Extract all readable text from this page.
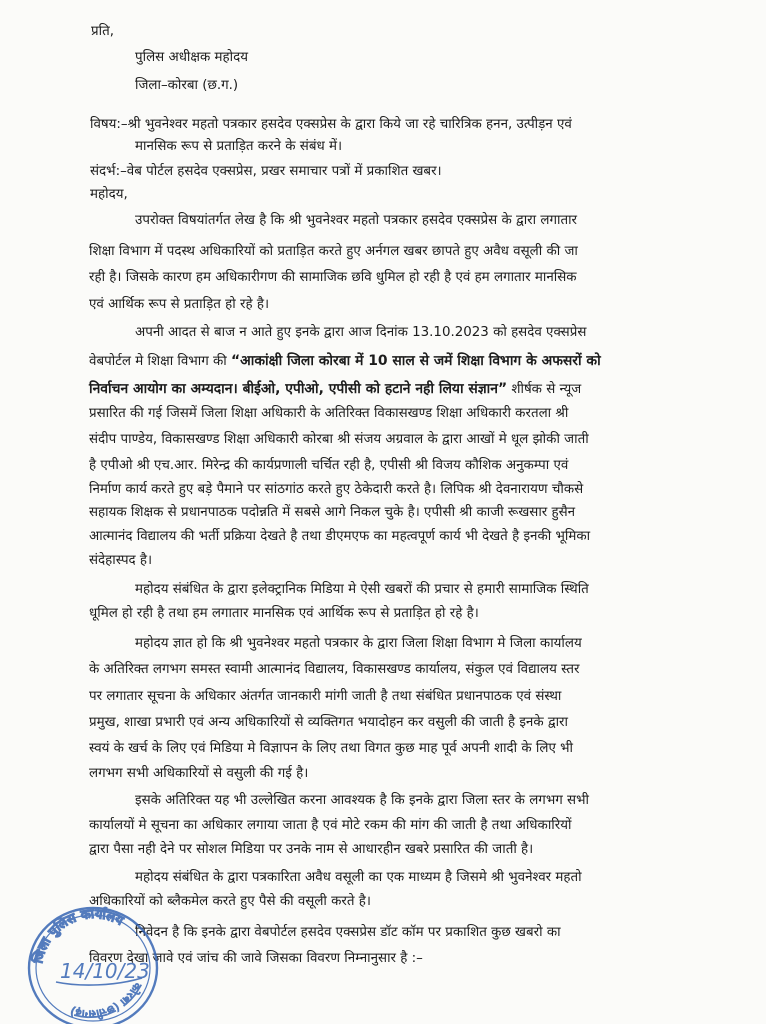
प्रति,
पुलिस अधीक्षक महोदय
जिला–कोरबा (छ.ग.)
विषय:–श्री भुवनेश्वर महतो पत्रकार हसदेव एक्सप्रेस के द्वारा किये जा रहे चारित्रिक हनन, उत्पीड़न एवं
मानसिक रूप से प्रताड़ित करने के संबंध में।
संदर्भ:–वेब पोर्टल हसदेव एक्सप्रेस, प्रखर समाचार पत्रों में प्रकाशित खबर।
महोदय,
उपरोक्त विषयांतर्गत लेख है कि श्री भुवनेश्वर महतो पत्रकार हसदेव एक्सप्रेस के द्वारा लगातार
शिक्षा विभाग में पदस्थ अधिकारियों को प्रताड़ित करते हुए अर्नगल खबर छापते हुए अवैध वसूली की जा
रही है। जिसके कारण हम अधिकारीगण की सामाजिक छवि धुमिल हो रही है एवं हम लगातार मानसिक
एवं आर्थिक रूप से प्रताड़ित हो रहे है।
अपनी आदत से बाज न आते हुए इनके द्वारा आज दिनांक 13.10.2023 को हसदेव एक्सप्रेस
वेबपोर्टल मे शिक्षा विभाग की “आकांक्षी जिला कोरबा में 10 साल से जमें शिक्षा विभाग के अफसरों को
निर्वाचन आयोग का अम्यदान। बीईओ, एपीओ, एपीसी को हटाने नही लिया संज्ञान” शीर्षक से न्यूज
प्रसारित की गई जिसमें जिला शिक्षा अधिकारी के अतिरिक्त विकासखण्ड शिक्षा अधिकारी करतला श्री
संदीप पाण्डेय, विकासखण्ड शिक्षा अधिकारी कोरबा श्री संजय अग्रवाल के द्वारा आखों मे धूल झोकी जाती
है एपीओ श्री एच.आर. मिरेन्द्र की कार्यप्रणाली चर्चित रही है, एपीसी श्री विजय कौशिक अनुकम्पा एवं
निर्माण कार्य करते हुए बड़े पैमाने पर सांठगांठ करते हुए ठेकेदारी करते है। लिपिक श्री देवनारायण चौकसे
सहायक शिक्षक से प्रधानपाठक पदोन्नति में सबसे आगे निकल चुके है। एपीसी श्री काजी रूखसार हुसैन
आत्मानंद विद्यालय की भर्ती प्रक्रिया देखते है तथा डीएमएफ का महत्वपूर्ण कार्य भी देखते है इनकी भूमिका
संदेहास्पद है।
महोदय संबंधित के द्वारा इलेक्ट्रानिक मिडिया मे ऐसी खबरों की प्रचार से हमारी सामाजिक स्थिति
धूमिल हो रही है तथा हम लगातार मानसिक एवं आर्थिक रूप से प्रताड़ित हो रहे है।
महोदय ज्ञात हो कि श्री भुवनेश्वर महतो पत्रकार के द्वारा जिला शिक्षा विभाग मे जिला कार्यालय
के अतिरिक्त लगभग समस्त स्वामी आत्मानंद विद्यालय, विकासखण्ड कार्यालय, संकुल एवं विद्यालय स्तर
पर लगातार सूचना के अधिकार अंतर्गत जानकारी मांगी जाती है तथा संबंधित प्रधानपाठक एवं संस्था
प्रमुख, शाखा प्रभारी एवं अन्य अधिकारियों से व्यक्तिगत भयादोहन कर वसुली की जाती है इनके द्वारा
स्वयं के खर्च के लिए एवं मिडिया मे विज्ञापन के लिए तथा विगत कुछ माह पूर्व अपनी शादी के लिए भी
लगभग सभी अधिकारियों से वसुली की गई है।
इसके अतिरिक्त यह भी उल्लेखित करना आवश्यक है कि इनके द्वारा जिला स्तर के लगभग सभी
कार्यालयों मे सूचना का अधिकार लगाया जाता है एवं मोटे रकम की मांग की जाती है तथा अधिकारियों
द्वारा पैसा नही देने पर सोशल मिडिया पर उनके नाम से आधारहीन खबरे प्रसारित की जाती है।
महोदय संबंधित के द्वारा पत्रकारिता अवैध वसूली का एक माध्यम है जिसमे श्री भुवनेश्वर महतो
अधिकारियों को ब्लैकमेल करते हुए पैसे की वसूली करते है।
निवेदन है कि इनके द्वारा वेबपोर्टल हसदेव एक्सप्रेस डॉट कॉम पर प्रकाशित कुछ खबरो का
विवरण देखा जावे एवं जांच की जावे जिसका विवरण निम्नानुसार है :–
जिला पुलिस कार्यालय
कोरबा (छत्तीसगढ़)
14/10/23
